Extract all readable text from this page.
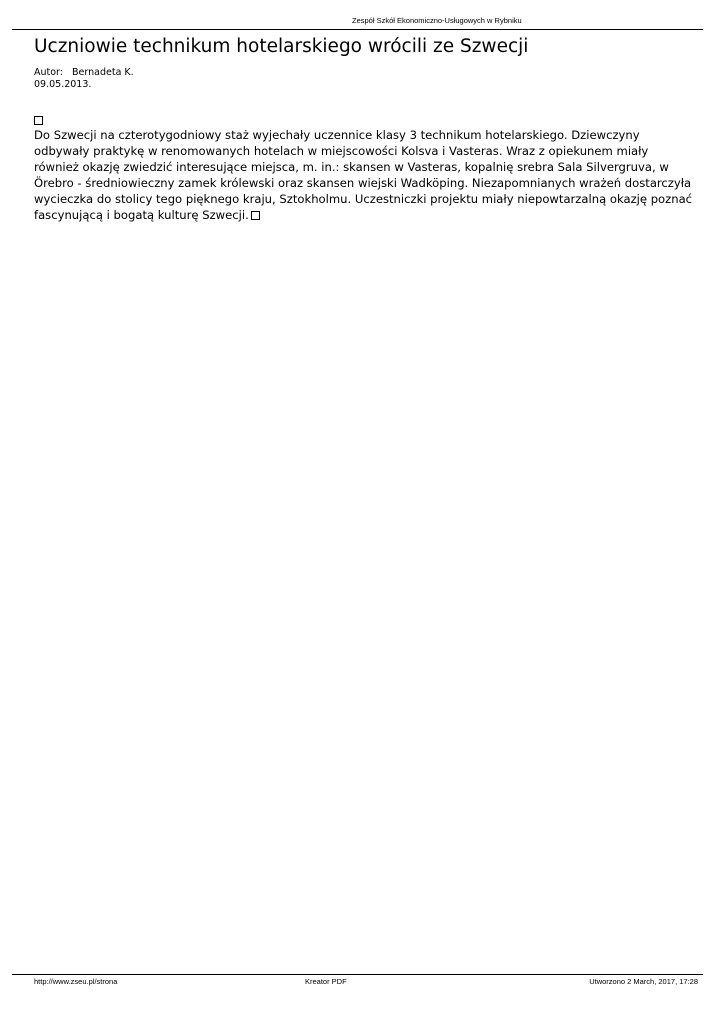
Zespół Szkół Ekonomiczno-Usługowych w Rybniku
Uczniowie technikum hotelarskiego wrócili ze Szwecji
Autor: Bernadeta K.
09.05.2013.

Do Szwecji na czterotygodniowy staż wyjechały uczennice klasy 3 technikum hotelarskiego. Dziewczyny odbywały praktykę w renomowanych hotelach w miejscowości Kolsva i Vasteras. Wraz z opiekunem miały również okazję zwiedzić interesujące miejsca, m. in.: skansen w Vasteras, kopalnię srebra Sala Silvergruva, w Örebro - średniowieczny zamek królewski oraz skansen wiejski Wadköping. Niezapomnianych wrażeń dostarczyła wycieczka do stolicy tego pięknego kraju, Sztokholmu. Uczestniczki projektu miały niepowtarzalną okazję poznać fascynującą i bogatą kulturę Szwecji.

http://www.zseu.pl/strona	Kreator PDF	Utworzono 2 March, 2017, 17:28
